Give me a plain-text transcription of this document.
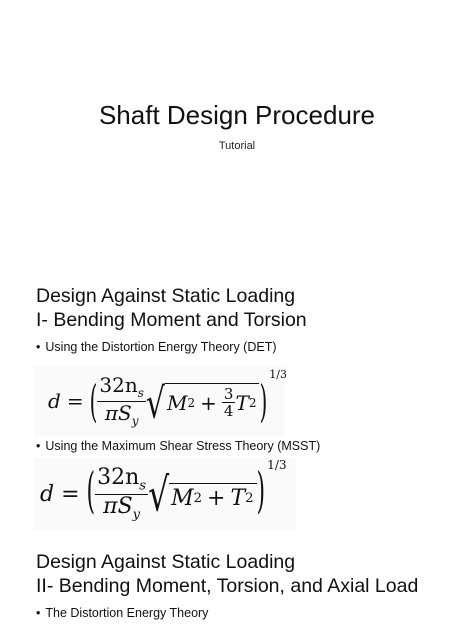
Shaft Design Procedure
Tutorial
Design Against Static Loading
I- Bending Moment and Torsion
• Using the Distortion Energy Theory (DET)
d = ( $\frac{32n_s}{\pi S_y}$ √ M $2 + \frac{3}{4}$ T 2 )
1/3
• Using the Maximum Shear Stress Theory (MSST)
d = ( $\frac{32n_s}{\pi S_y}$ √ M 2 + T 2 )
1/3
Design Against Static Loading
II- Bending Moment, Torsion, and Axial Load
• The Distortion Energy Theory
